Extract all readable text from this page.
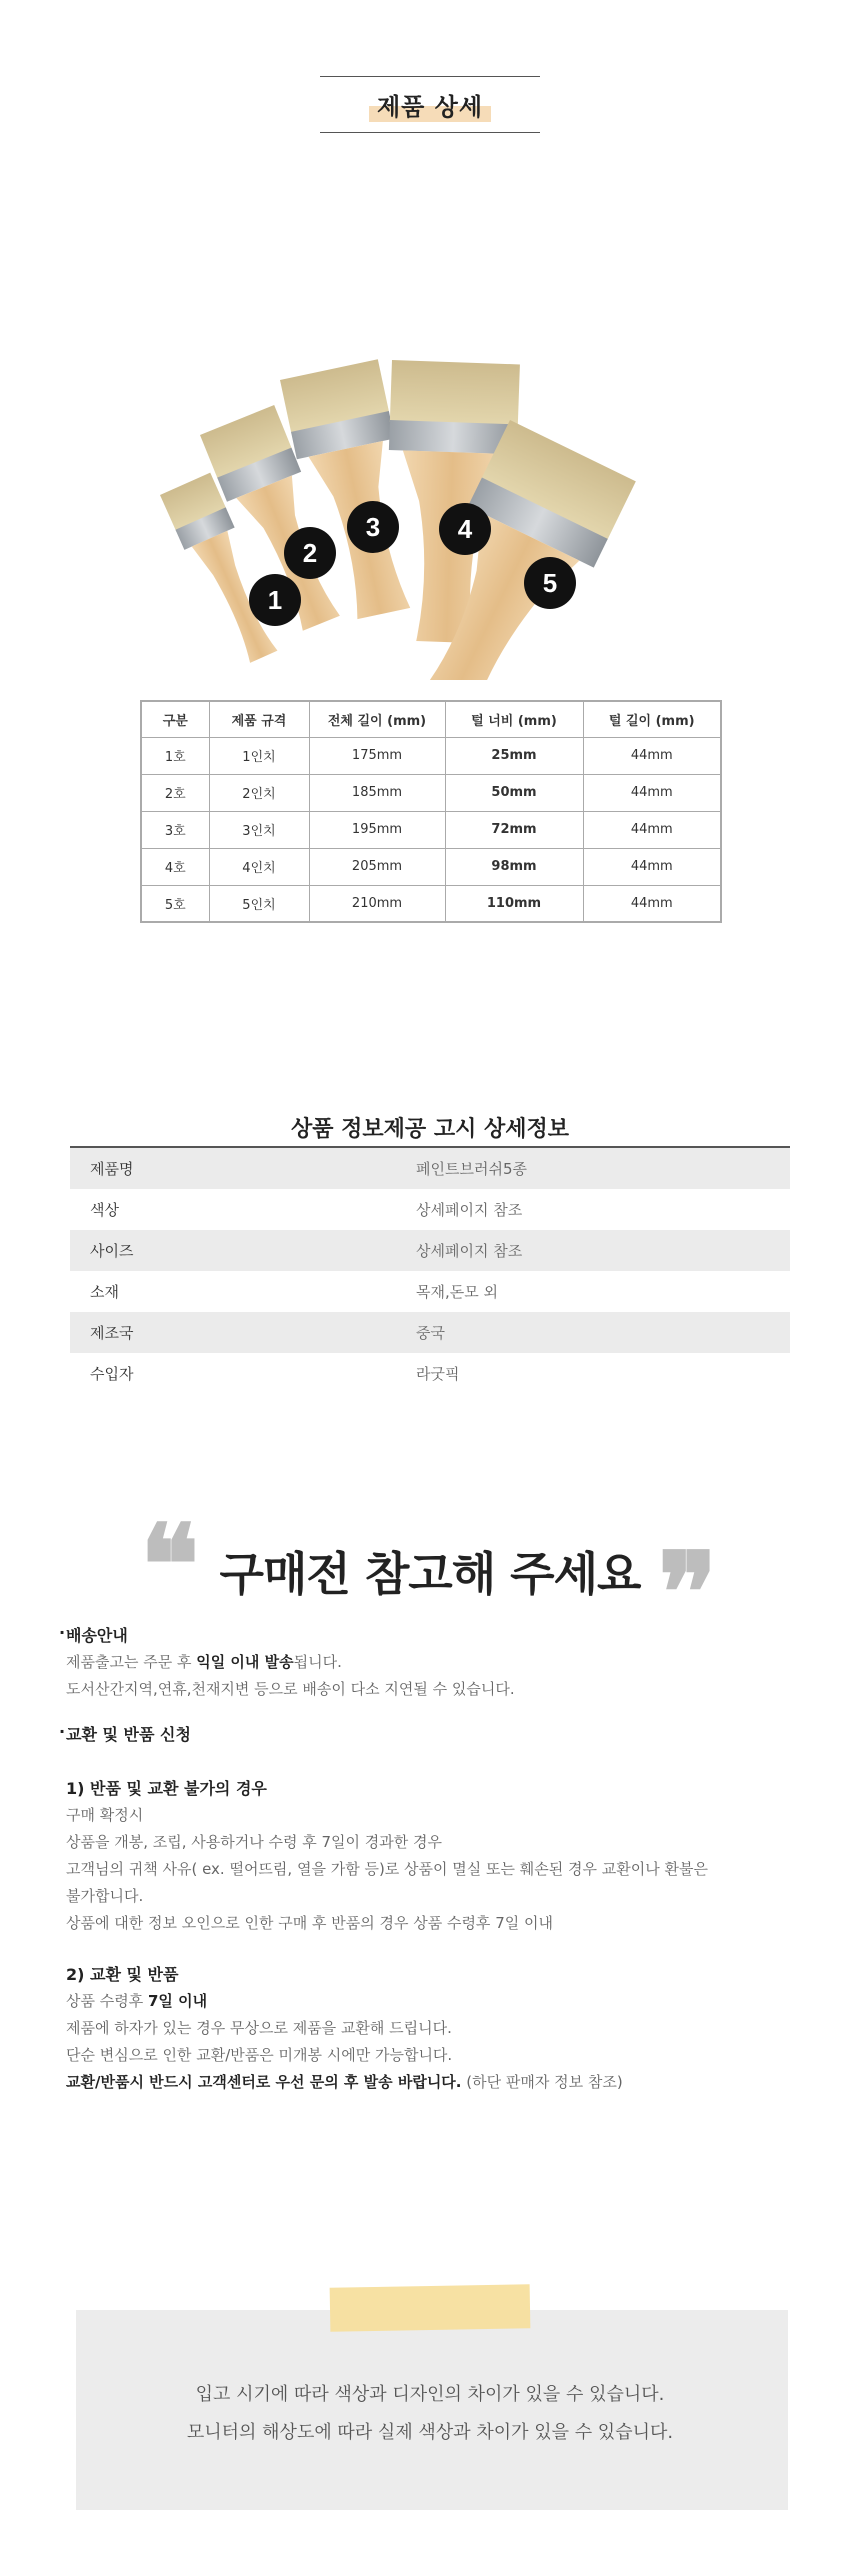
제품 상세
1
2
3	4
5
구분	제품 규격	전체 길이 (mm)	털 너비 (mm)	털 길이 (mm)
1호	1인치	175mm	25mm	44mm
2호	2인치	185mm	50mm	44mm
3호	3인치	195mm	72mm	44mm
4호	4인치	205mm	98mm	44mm
5호	5인치	210mm	110mm	44mm
상품 정보제공 고시 상세정보
제품명	페인트브러쉬5종
색상	상세페이지 참조
사이즈	상세페이지 참조
소재	목재,돈모 외
제조국	중국
수입자	라굿픽
❝ 구매전 참고해 주세요 ❞
· 배송안내
제품출고는 주문 후 익일 이내 발송됩니다.
도서산간지역,연휴,천재지변 등으로 배송이 다소 지연될 수 있습니다.
· 교환 및 반품 신청
1) 반품 및 교환 불가의 경우
구매 확정시
상품을 개봉, 조립, 사용하거나 수령 후 7일이 경과한 경우
고객님의 귀책 사유( ex. 떨어뜨림, 열을 가함 등)로 상품이 멸실 또는 훼손된 경우 교환이나 환불은
불가합니다.
상품에 대한 정보 오인으로 인한 구매 후 반품의 경우 상품 수령후 7일 이내
2) 교환 및 반품
상품 수령후 7일 이내
제품에 하자가 있는 경우 무상으로 제품을 교환해 드립니다.
단순 변심으로 인한 교환/반품은 미개봉 시에만 가능합니다.
교환/반품시 반드시 고객센터로 우선 문의 후 발송 바랍니다. (하단 판매자 정보 참조)
입고 시기에 따라 색상과 디자인의 차이가 있을 수 있습니다.
모니터의 해상도에 따라 실제 색상과 차이가 있을 수 있습니다.
